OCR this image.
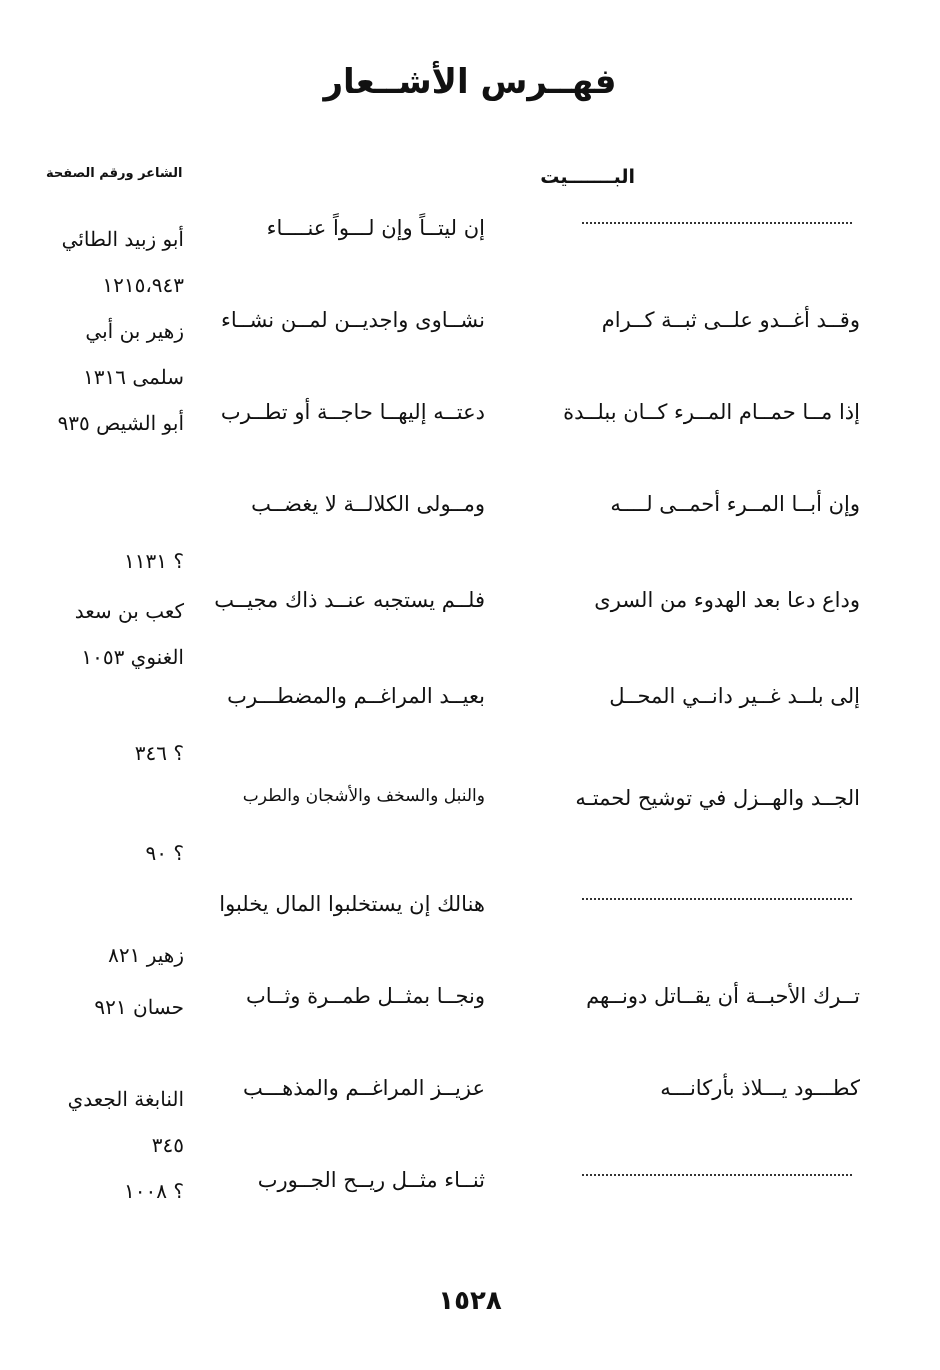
فهــرس الأشــعار
البـــــــيت
الشاعر ورقم الصفحة
إن ليتــاً وإن لـــواً عنــــاء
أبو زبيد الطائي ١٢١٥،٩٤٣
وقــد أغــدو علــى ثبــة كــرام
نشــاوى واجديــن لمــن نشــاء
زهير بن أبي سلمى ١٣١٦
إذا مــا حمــام المــرء كــان ببلــدة
دعتــه إليهــا حاجــة أو تطــرب
أبو الشيص ٩٣٥
وإن أبــا المــرء أحمــى لــــه
ومــولى الكلالــة لا يغضــب
؟ ١١٣١
وداع دعا بعد الهدوء من السرى
فلــم يستجبه عنــد ذاك مجيــب
كعب بن سعد الغنوي ١٠٥٣
إلى بلــد غــير دانــي المحــل
بعيــد المراغــم والمضطـــرب
؟ ٣٤٦
الجــد والهــزل في توشيح لحمتـه
والنبل والسخف والأشجان والطرب
؟ ٩٠
هنالك إن يستخلبوا المال يخلبوا
زهير ٨٢١
تــرك الأحبــة أن يقــاتل دونــهم
ونجــا بمثــل طمــرة وثــاب
حسان ٩٢١
كطـــود يـــلاذ بأركانـــه
عزيــز المراغــم والمذهـــب
النابغة الجعدي ٣٤٥
ثنــاء مثــل ريــح الجــورب
؟ ١٠٠٨
١٥٢٨
